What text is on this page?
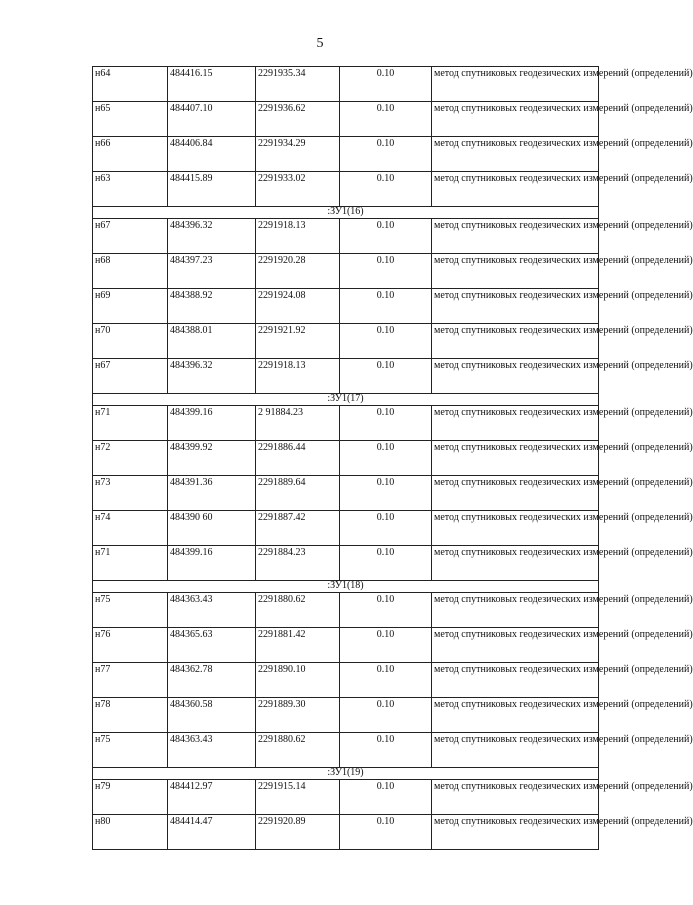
5
н64	484416.15	2291935.34	0.10	метод спутниковых геодезических измерений (определений)
н65	484407.10	2291936.62	0.10	метод спутниковых геодезических измерений (определений)
н66	484406.84	2291934.29	0.10	метод спутниковых геодезических измерений (определений)
н63	484415.89	2291933.02	0.10	метод спутниковых геодезических измерений (определений)
:ЗУ1(16)				
н67	484396.32	2291918.13	0.10	метод спутниковых геодезических измерений (определений)
н68	484397.23	2291920.28	0.10	метод спутниковых геодезических измерений (определений)
н69	484388.92	2291924.08	0.10	метод спутниковых геодезических измерений (определений)
н70	484388.01	2291921.92	0.10	метод спутниковых геодезических измерений (определений)
н67	484396.32	2291918.13	0.10	метод спутниковых геодезических измерений (определений)
:ЗУ1(17)				
н71	484399.16	2 91884.23	0.10	метод спутниковых геодезических измерений (определений)
н72	484399.92	2291886.44	0.10	метод спутниковых геодезических измерений (определений)
н73	484391.36	2291889.64	0.10	метод спутниковых геодезических измерений (определений)
н74	484390 60	2291887.42	0.10	метод спутниковых геодезических измерений (определений)
н71	484399.16	2291884.23	0.10	метод спутниковых геодезических измерений (определений)
:ЗУ1(18)				
н75	484363.43	2291880.62	0.10	метод спутниковых геодезических измерений (определений)
н76	484365.63	2291881.42	0.10	метод спутниковых геодезических измерений (определений)
н77	484362.78	2291890.10	0.10	метод спутниковых геодезических измерений (определений)
н78	484360.58	2291889.30	0.10	метод спутниковых геодезических измерений (определений)
н75	484363.43	2291880.62	0.10	метод спутниковых геодезических измерений (определений)
:ЗУ1(19)				
н79	484412.97	2291915.14	0.10	метод спутниковых геодезических измерений (определений)
н80	484414.47	2291920.89	0.10	метод спутниковых геодезических измерений (определений)
